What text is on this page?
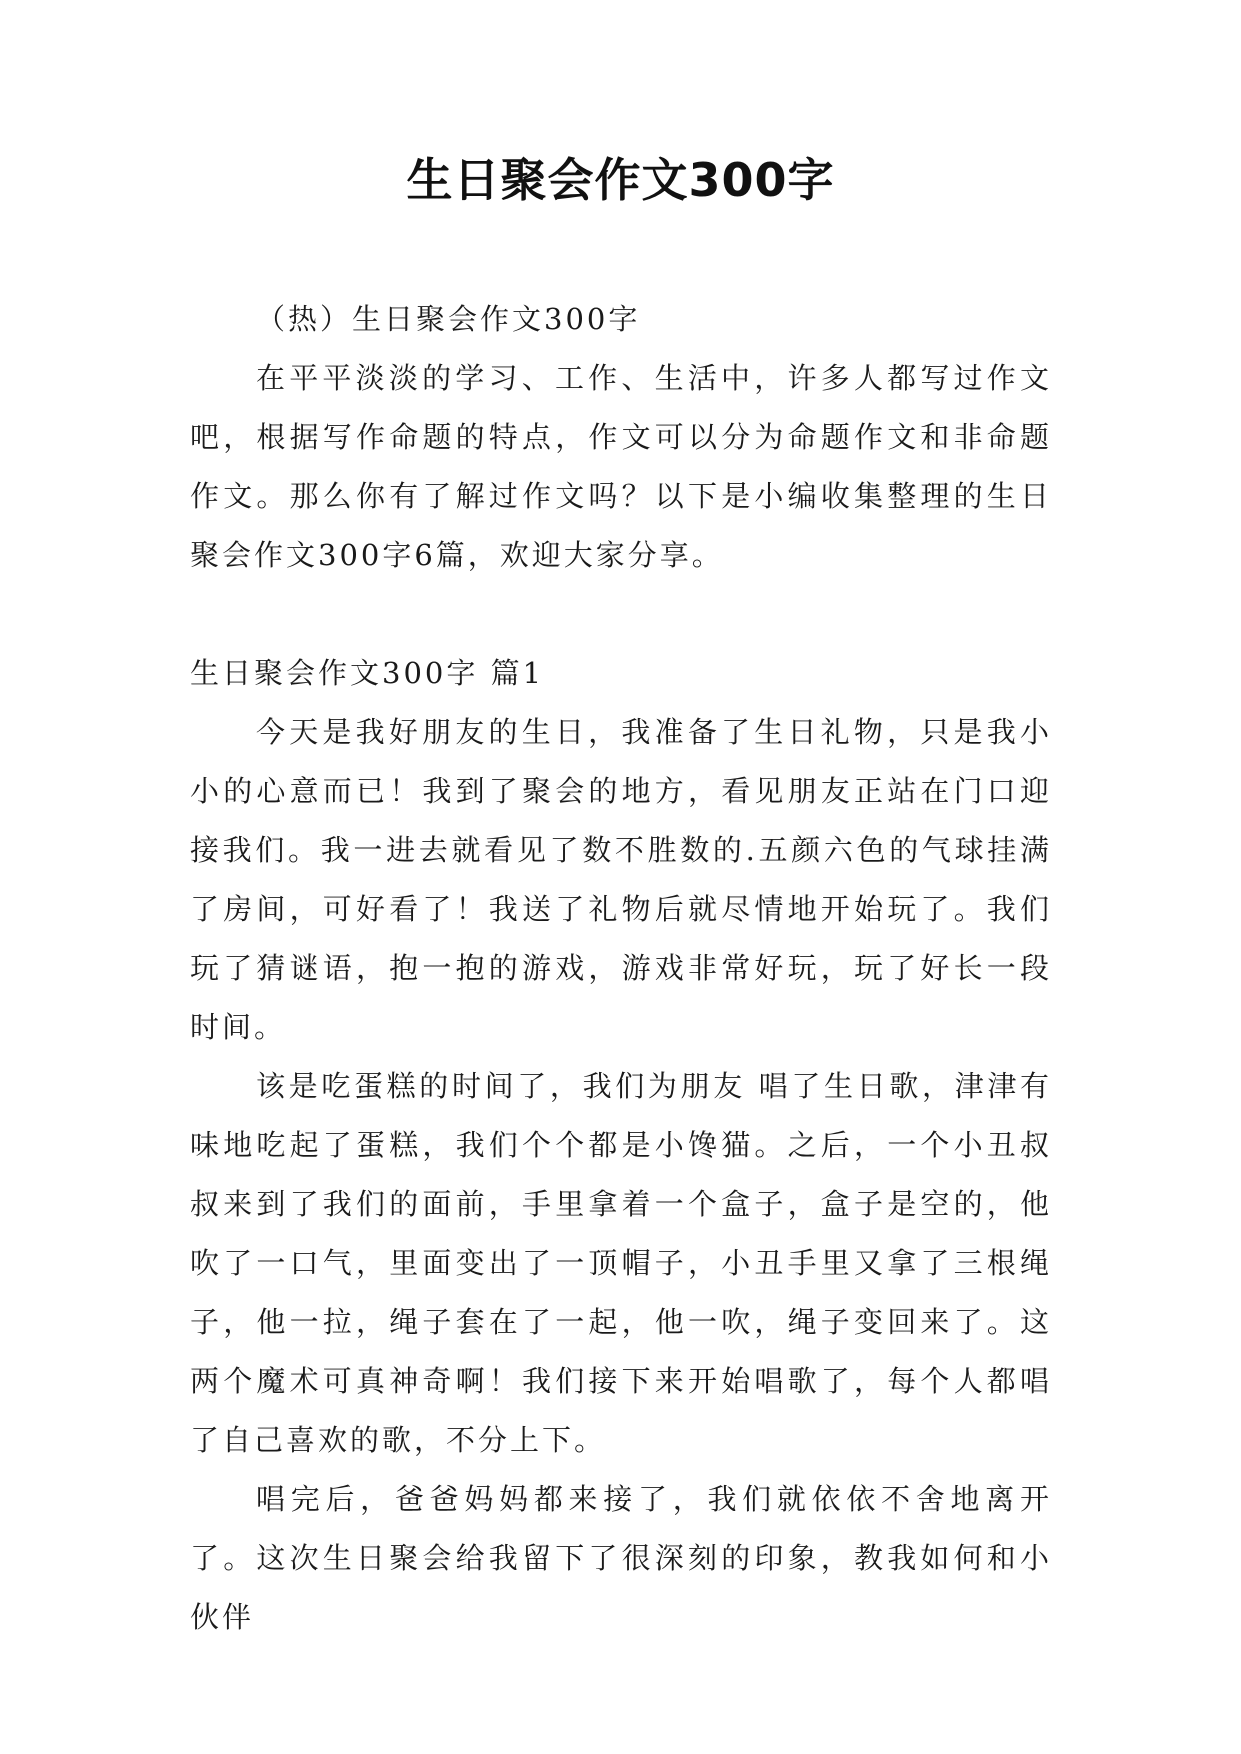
生日聚会作文300字

（热）生日聚会作文300字

在平平淡淡的学习、工作、生活中，许多人都写过作文吧，根据写作命题的特点，作文可以分为命题作文和非命题作文。那么你有了解过作文吗？以下是小编收集整理的生日聚会作文300字6篇，欢迎大家分享。

生日聚会作文300字 篇1

今天是我好朋友的生日，我准备了生日礼物，只是我小小的心意而已！我到了聚会的地方，看见朋友正站在门口迎接我们。我一进去就看见了数不胜数的.五颜六色的气球挂满了房间，可好看了！我送了礼物后就尽情地开始玩了。我们玩了猜谜语，抱一抱的游戏，游戏非常好玩，玩了好长一段时间。

该是吃蛋糕的时间了，我们为朋友 唱了生日歌，津津有味地吃起了蛋糕，我们个个都是小馋猫。之后，一个小丑叔叔来到了我们的面前，手里拿着一个盒子，盒子是空的，他吹了一口气，里面变出了一顶帽子，小丑手里又拿了三根绳子，他一拉，绳子套在了一起，他一吹，绳子变回来了。这两个魔术可真神奇啊！我们接下来开始唱歌了，每个人都唱了自己喜欢的歌，不分上下。

唱完后，爸爸妈妈都来接了，我们就依依不舍地离开了。这次生日聚会给我留下了很深刻的印象，教我如何和小伙伴
